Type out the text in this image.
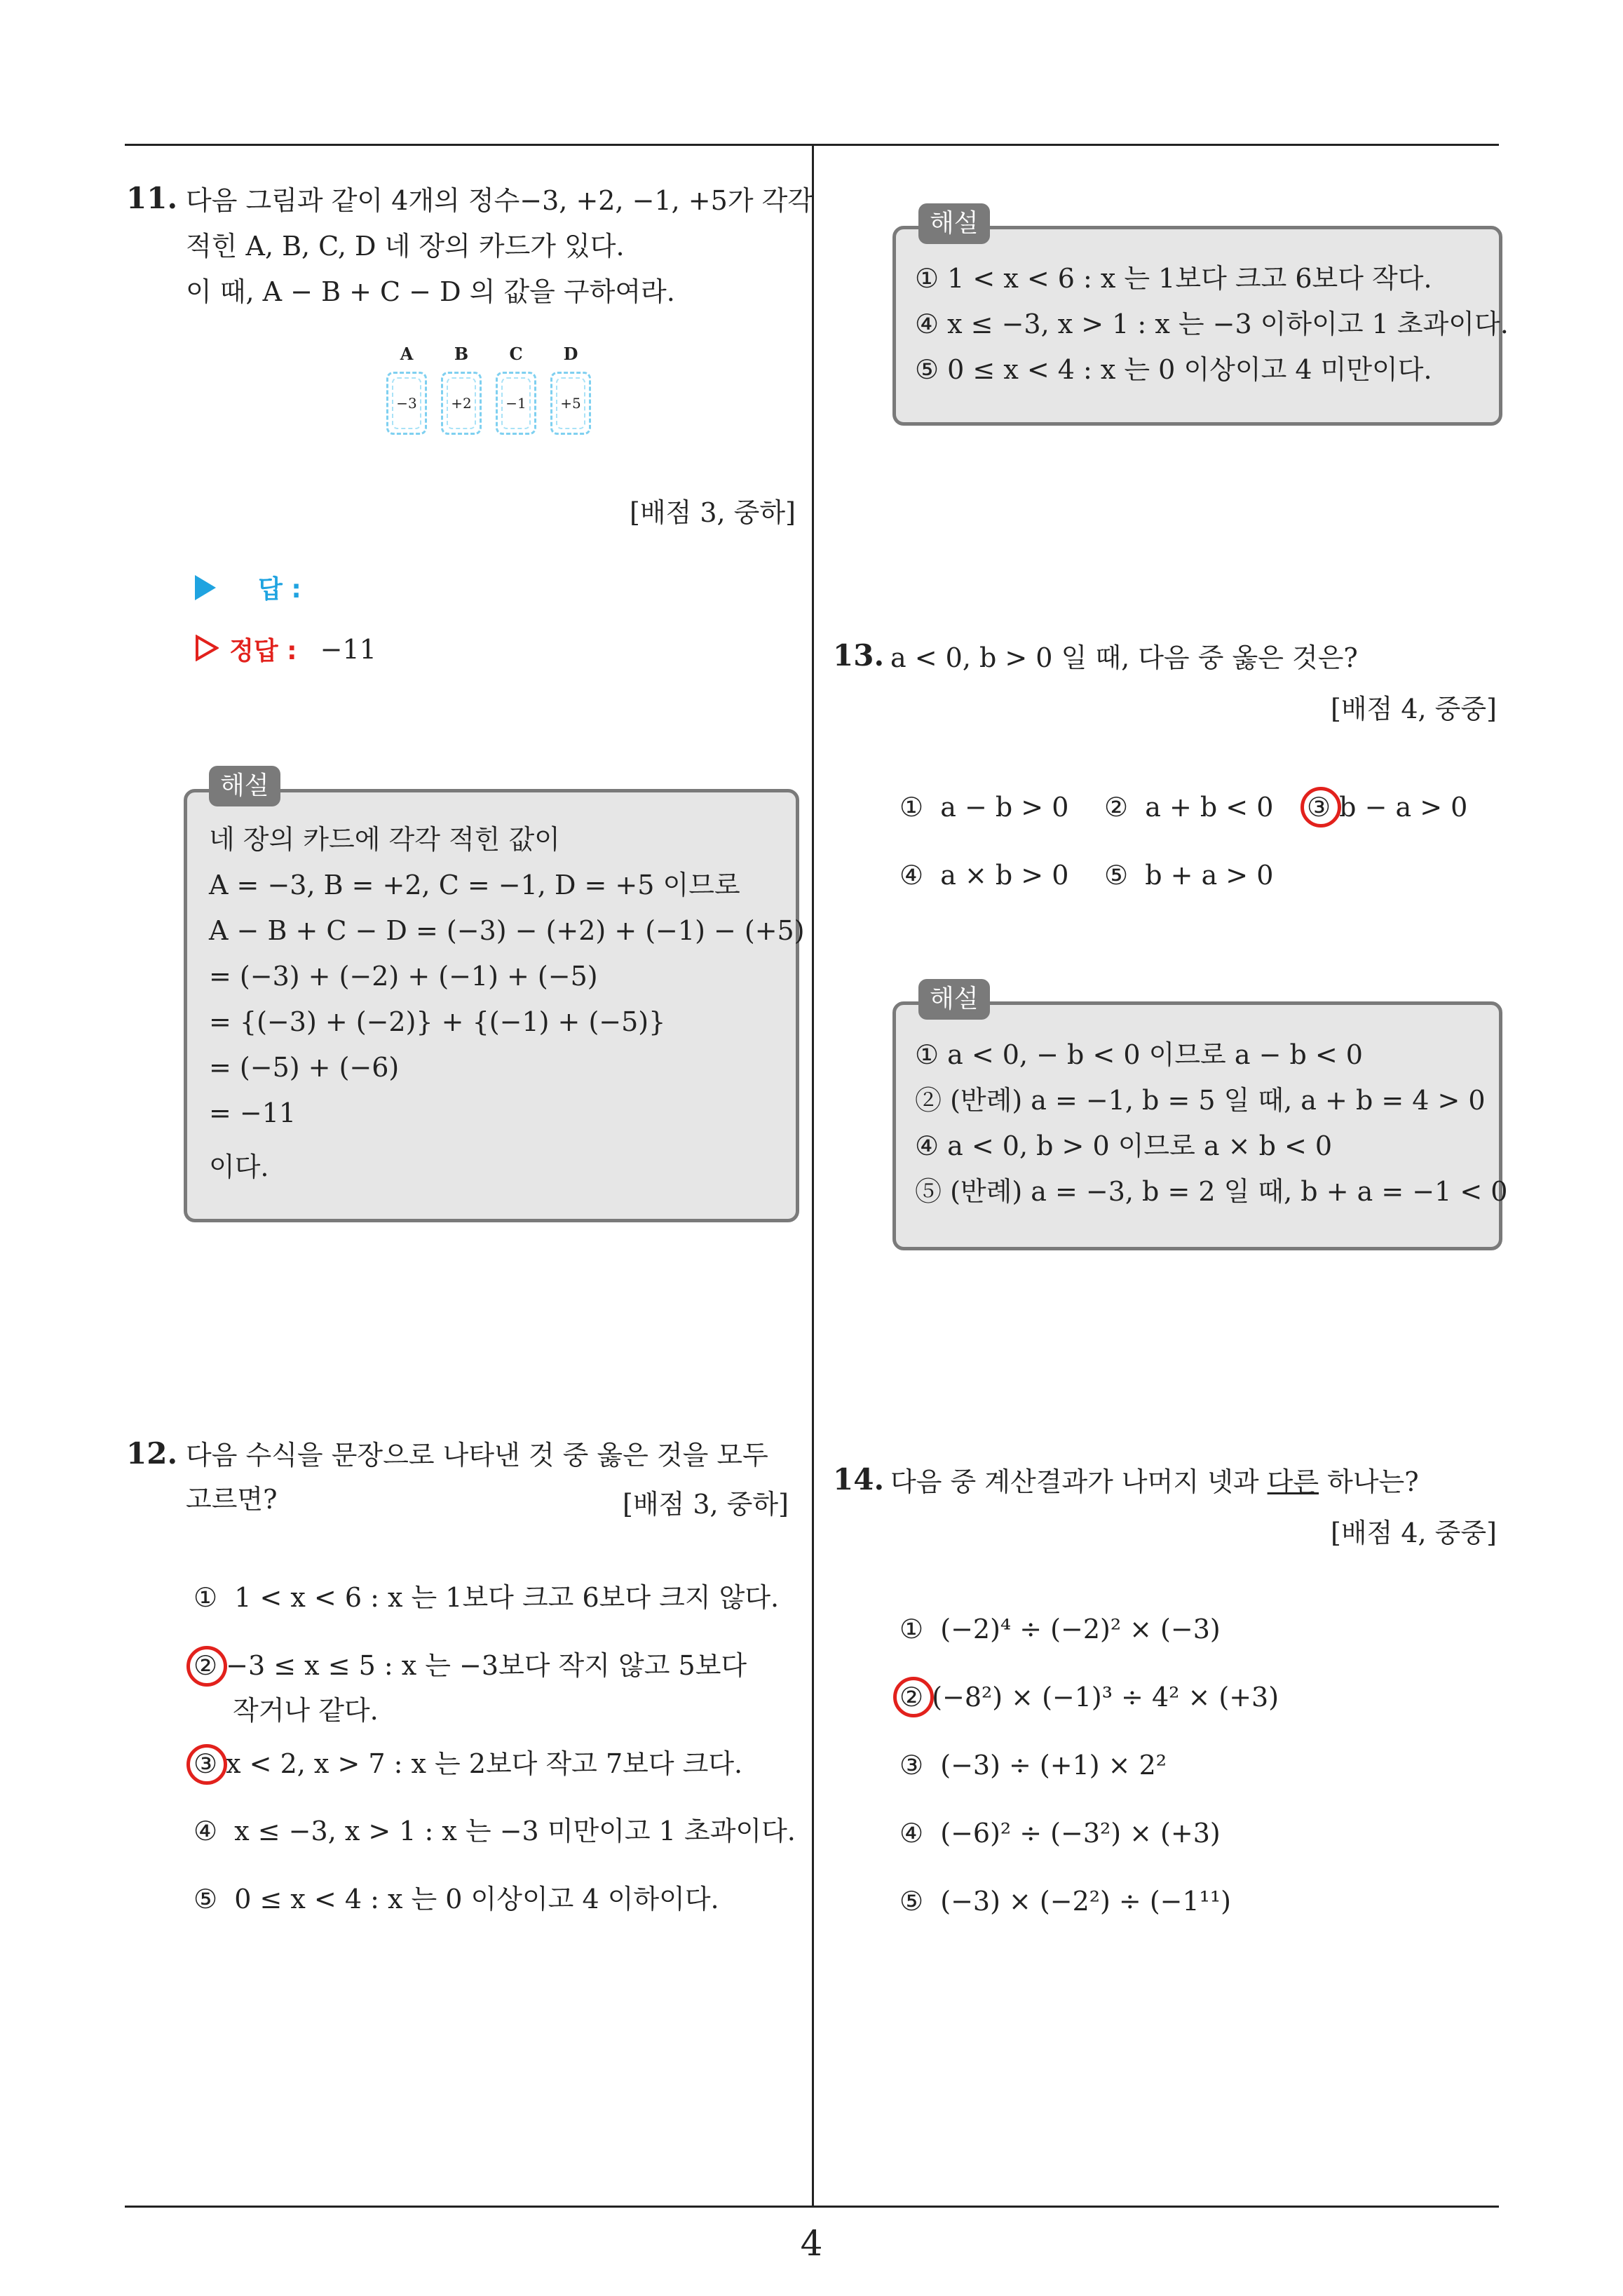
4
11. 다음 그림과 같이 4개의 정수−3, +2, −1, +5가 각각
적힌 A, B, C, D 네 장의 카드가 있다.
이 때, A − B + C − D 의 값을 구하여라.
A	B	C	D
−3 +2 −1 +5
[배점 3, 중하]
답 :
정답 : −11
해설
네 장의 카드에 각각 적힌 값이
A = −3, B = +2, C = −1, D = +5 이므로
A − B + C − D = (−3) − (+2) + (−1) − (+5)
= (−3) + (−2) + (−1) + (−5)
= {(−3) + (−2)} + {(−1) + (−5)}
= (−5) + (−6)
= −11
이다.
12. 다음 수식을 문장으로 나타낸 것 중 옳은 것을 모두
고르면?	[배점 3, 중하]
① 1 < x < 6 : x 는 1보다 크고 6보다 크지 않다.
② −3 ≤ x ≤ 5 : x 는 −3보다 작지 않고 5보다
작거나 같다.
③ x < 2, x > 7 : x 는 2보다 작고 7보다 크다.
④ x ≤ −3, x > 1 : x 는 −3 미만이고 1 초과이다.
⑤ 0 ≤ x < 4 : x 는 0 이상이고 4 이하이다.
해설
① 1 < x < 6 : x 는 1보다 크고 6보다 작다.
④ x ≤ −3, x > 1 : x 는 −3 이하이고 1 초과이다.
⑤ 0 ≤ x < 4 : x 는 0 이상이고 4 미만이다.
13. a < 0, b > 0 일 때, 다음 중 옳은 것은?
[배점 4, 중중]
① a − b > 0 ② a + b < 0 ③ b − a > 0
④ a × b > 0 ⑤ b + a > 0
해설
① a < 0, − b < 0 이므로 a − b < 0
② (반례) a = −1, b = 5 일 때, a + b = 4 > 0
④ a < 0, b > 0 이므로 a × b < 0
⑤ (반례) a = −3, b = 2 일 때, b + a = −1 < 0
14. 다음 중 계산결과가 나머지 넷과 다른 하나는?
[배점 4, 중중]
① (−2)⁴ ÷ (−2)² × (−3)
② (−8²) × (−1)³ ÷ 4² × (+3)
③ (−3) ÷ (+1) × 2²
④ (−6)² ÷ (−3²) × (+3)
⑤ (−3) × (−2²) ÷ (−1¹¹)
